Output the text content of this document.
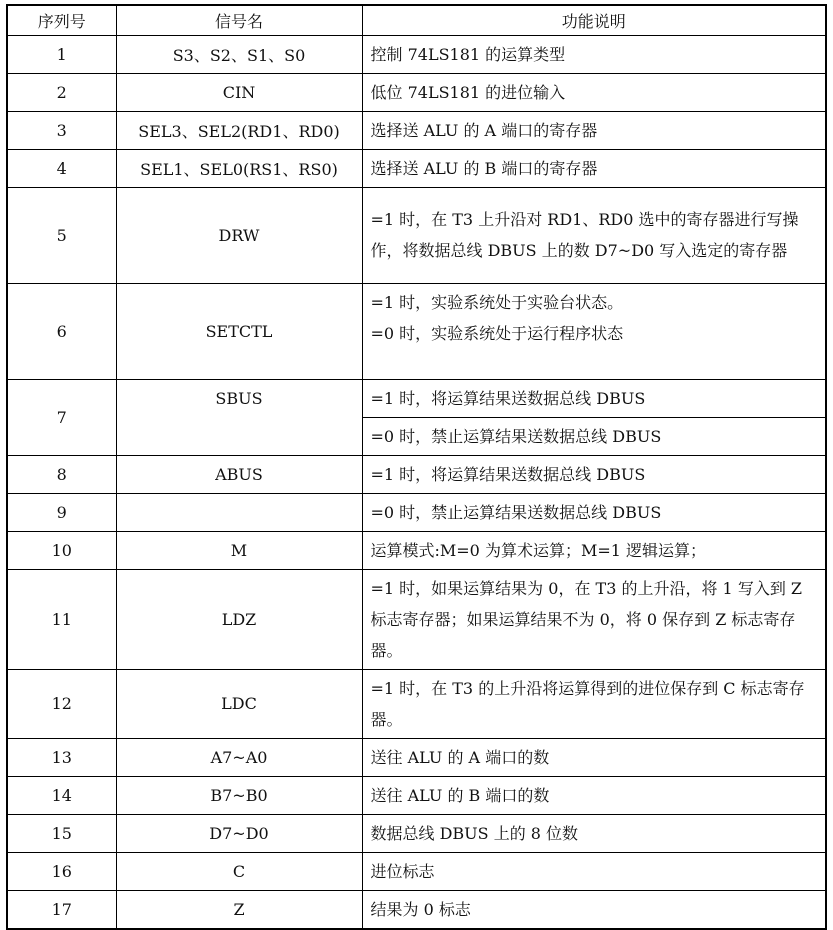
序列号	信号名	功能说明
1	S3、S2、S1、S0	控制 74LS181 的运算类型
2	CIN	低位 74LS181 的进位输入
3	SEL3、SEL2(RD1、RD0)	选择送 ALU 的 A 端口的寄存器
4	SEL1、SEL0(RS1、RS0)	选择送 ALU 的 B 端口的寄存器
5	DRW	=1 时，在 T3 上升沿对 RD1、RD0 选中的寄存器进行写操作，将数据总线 DBUS 上的数 D7~D0 写入选定的寄存器
6	SETCTL	=1 时，实验系统处于实验台状态。
=0 时，实验系统处于运行程序状态

7	SBUS	=1 时，将运算结果送数据总线 DBUS
		=0 时，禁止运算结果送数据总线 DBUS
8	ABUS	=1 时，将运算结果送数据总线 DBUS
9		=0 时，禁止运算结果送数据总线 DBUS
10	M	运算模式:M=0 为算术运算；M=1 逻辑运算；
11	LDZ	=1 时，如果运算结果为 0，在 T3 的上升沿，将 1 写入到 Z 标志寄存器；如果运算结果不为 0，将 0 保存到 Z 标志寄存器。
12	LDC	=1 时，在 T3 的上升沿将运算得到的进位保存到 C 标志寄存器。
13	A7~A0	送往 ALU 的 A 端口的数
14	B7~B0	送往 ALU 的 B 端口的数
15	D7~D0	数据总线 DBUS 上的 8 位数
16	C	进位标志
17	Z	结果为 0 标志
